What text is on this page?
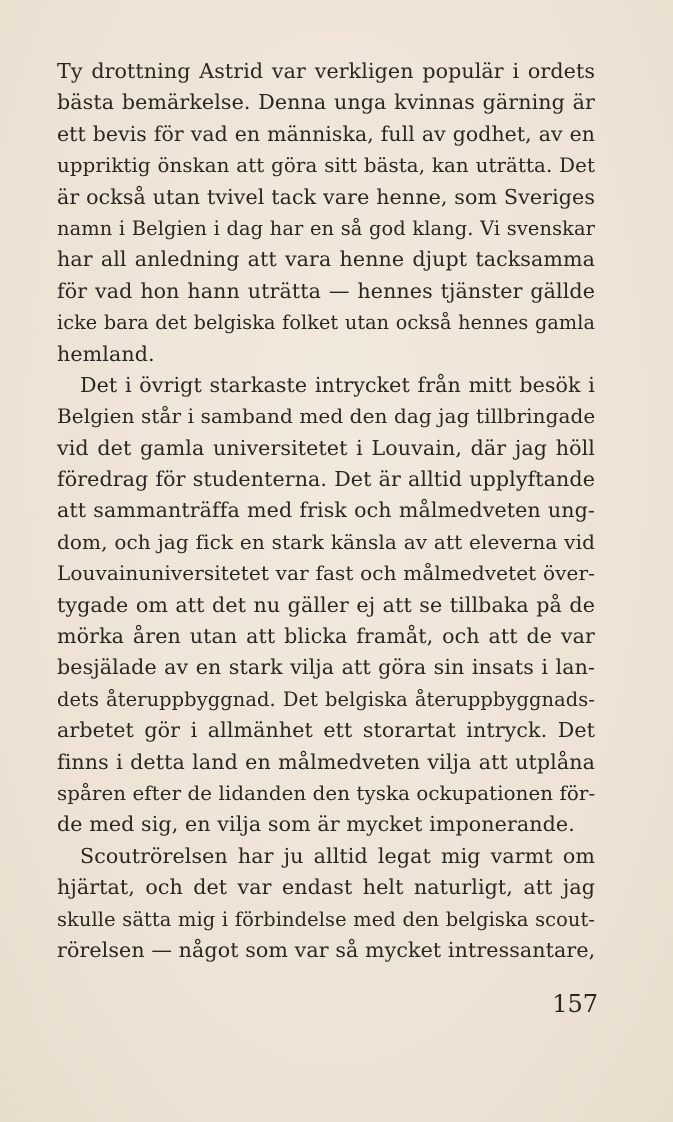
Ty drottning Astrid var verkligen populär i ordets
bästa bemärkelse. Denna unga kvinnas gärning är
ett bevis för vad en människa, full av godhet, av en
uppriktig önskan att göra sitt bästa, kan uträtta. Det
är också utan tvivel tack vare henne, som Sveriges
namn i Belgien i dag har en så god klang. Vi svenskar
har all anledning att vara henne djupt tacksamma
för vad hon hann uträtta — hennes tjänster gällde
icke bara det belgiska folket utan också hennes gamla
hemland.
Det i övrigt starkaste intrycket från mitt besök i
Belgien står i samband med den dag jag tillbringade
vid det gamla universitetet i Louvain, där jag höll
föredrag för studenterna. Det är alltid upplyftande
att sammanträffa med frisk och målmedveten ung-
dom, och jag fick en stark känsla av att eleverna vid
Louvainuniversitetet var fast och målmedvetet över-
tygade om att det nu gäller ej att se tillbaka på de
mörka åren utan att blicka framåt, och att de var
besjälade av en stark vilja att göra sin insats i lan-
dets återuppbyggnad. Det belgiska återuppbyggnads-
arbetet gör i allmänhet ett storartat intryck. Det
finns i detta land en målmedveten vilja att utplåna
spåren efter de lidanden den tyska ockupationen för-
de med sig, en vilja som är mycket imponerande.
Scoutrörelsen har ju alltid legat mig varmt om
hjärtat, och det var endast helt naturligt, att jag
skulle sätta mig i förbindelse med den belgiska scout-
rörelsen — något som var så mycket intressantare,
157
